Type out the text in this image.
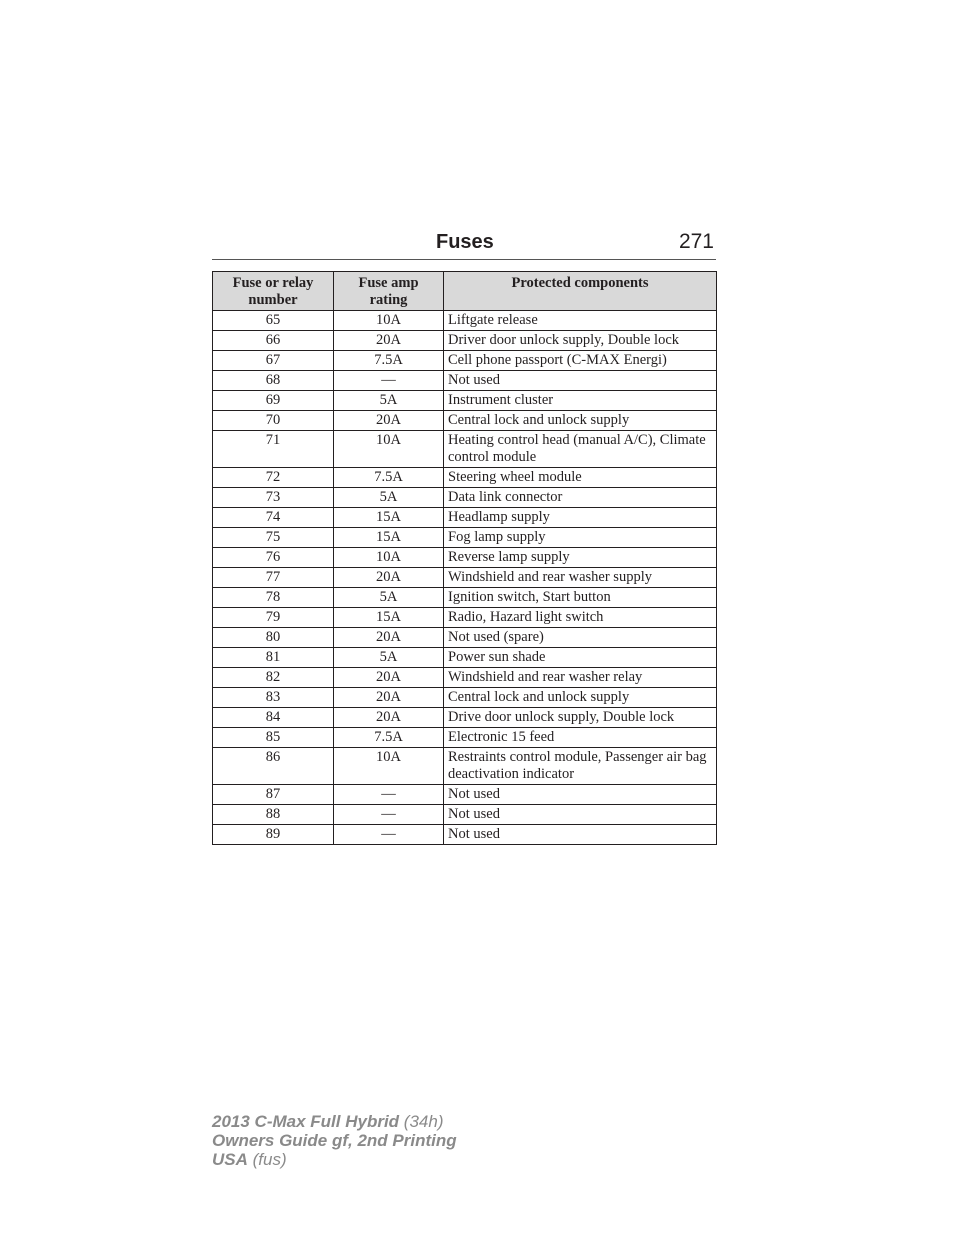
Fuses	271
Fuse or relay number	Fuse amp rating	Protected components
65	10A	Liftgate release
66	20A	Driver door unlock supply, Double lock
67	7.5A	Cell phone passport (C-MAX Energi)
68	—	Not used
69	5A	Instrument cluster
70	20A	Central lock and unlock supply
71	10A	Heating control head (manual A/C), Climate control module
72	7.5A	Steering wheel module
73	5A	Data link connector
74	15A	Headlamp supply
75	15A	Fog lamp supply
76	10A	Reverse lamp supply
77	20A	Windshield and rear washer supply
78	5A	Ignition switch, Start button
79	15A	Radio, Hazard light switch
80	20A	Not used (spare)
81	5A	Power sun shade
82	20A	Windshield and rear washer relay
83	20A	Central lock and unlock supply
84	20A	Drive door unlock supply, Double lock
85	7.5A	Electronic 15 feed
86	10A	Restraints control module, Passenger air bag deactivation indicator
87	—	Not used
88	—	Not used
89	—	Not used
2013 C-Max Full Hybrid (34h)
Owners Guide gf, 2nd Printing
USA (fus)
